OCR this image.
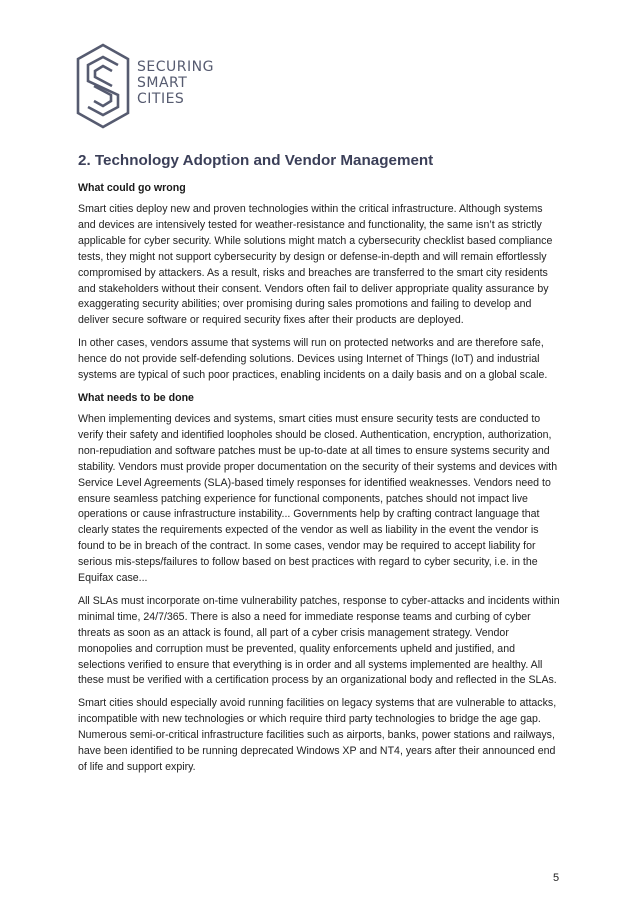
SECURING
SMART
CITIES
2. Technology Adoption and Vendor Management
What could go wrong

Smart cities deploy new and proven technologies within the critical infrastructure. Although systems and devices are intensively tested for weather-resistance and functionality, the same isn’t as strictly applicable for cyber security. While solutions might match a cybersecurity checklist based compliance tests, they might not support cybersecurity by design or defense-in-depth and will remain effortlessly compromised by attackers. As a result, risks and breaches are transferred to the smart city residents and stakeholders without their consent. Vendors often fail to deliver appropriate quality assurance by exaggerating security abilities; over promising during sales promotions and failing to develop and deliver secure software or required security fixes after their products are deployed.

In other cases, vendors assume that systems will run on protected networks and are therefore safe, hence do not provide self-defending solutions. Devices using Internet of Things (IoT) and industrial systems are typical of such poor practices, enabling incidents on a daily basis and on a global scale.

What needs to be done

When implementing devices and systems, smart cities must ensure security tests are conducted to verify their safety and identified loopholes should be closed. Authentication, encryption, authorization, non-repudiation and software patches must be up-to-date at all times to ensure systems security and stability. Vendors must provide proper documentation on the security of their systems and devices with Service Level Agreements (SLA)-based timely responses for identified weaknesses. Vendors need to ensure seamless patching experience for functional components, patches should not impact live operations or cause infrastructure instability... Governments help by crafting contract language that clearly states the requirements expected of the vendor as well as liability in the event the vendor is found to be in breach of the contract. In some cases, vendor may be required to accept liability for serious mis-steps/failures to follow based on best practices with regard to cyber security, i.e. in the Equifax case...

All SLAs must incorporate on-time vulnerability patches, response to cyber-attacks and incidents within minimal time, 24/7/365. There is also a need for immediate response teams and curbing of cyber threats as soon as an attack is found, all part of a cyber crisis management strategy. Vendor monopolies and corruption must be prevented, quality enforcements upheld and justified, and selections verified to ensure that everything is in order and all systems implemented are healthy. All these must be verified with a certification process by an organizational body and reflected in the SLAs.

Smart cities should especially avoid running facilities on legacy systems that are vulnerable to attacks, incompatible with new technologies or which require third party technologies to bridge the age gap. Numerous semi-or-critical infrastructure facilities such as airports, banks, power stations and railways, have been identified to be running deprecated Windows XP and NT4, years after their announced end of life and support expiry.

5
